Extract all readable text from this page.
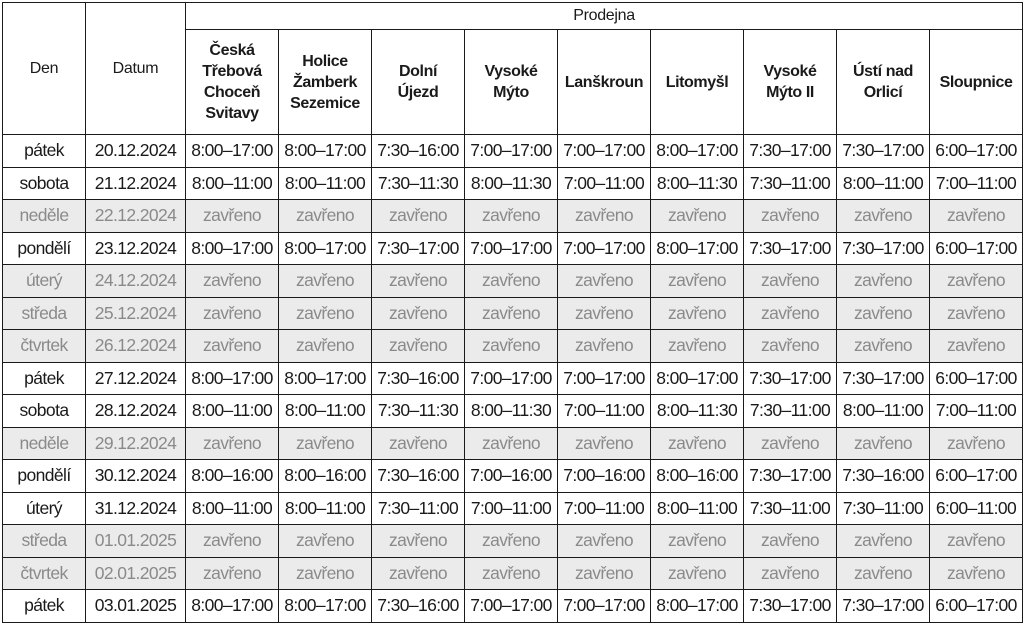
Den	Datum	Prodejna								

		Česká
Třebová
Choceň
Svitavy	Holice
Žamberk
Sezemice	Dolní
Újezd	Vysoké
Mýto	Lanškroun	Litomyšl	Vysoké
Mýto II	Ústí nad
Orlicí	Sloupnice

pátek	20.12.2024	8:00–17:00	8:00–17:00	7:30–16:00	7:00–17:00	7:00–17:00	8:00–17:00	7:30–17:00	7:30–17:00	6:00–17:00
sobota	21.12.2024	8:00–11:00	8:00–11:00	7:30–11:30	8:00–11:30	7:00–11:00	8:00–11:30	7:30–11:00	8:00–11:00	7:00–11:00
neděle	22.12.2024	zavřeno	zavřeno	zavřeno	zavřeno	zavřeno	zavřeno	zavřeno	zavřeno	zavřeno
pondělí	23.12.2024	8:00–17:00	8:00–17:00	7:30–17:00	7:00–17:00	7:00–17:00	8:00–17:00	7:30–17:00	7:30–17:00	6:00–17:00
úterý	24.12.2024	zavřeno	zavřeno	zavřeno	zavřeno	zavřeno	zavřeno	zavřeno	zavřeno	zavřeno
středa	25.12.2024	zavřeno	zavřeno	zavřeno	zavřeno	zavřeno	zavřeno	zavřeno	zavřeno	zavřeno
čtvrtek	26.12.2024	zavřeno	zavřeno	zavřeno	zavřeno	zavřeno	zavřeno	zavřeno	zavřeno	zavřeno
pátek	27.12.2024	8:00–17:00	8:00–17:00	7:30–16:00	7:00–17:00	7:00–17:00	8:00–17:00	7:30–17:00	7:30–17:00	6:00–17:00
sobota	28.12.2024	8:00–11:00	8:00–11:00	7:30–11:30	8:00–11:30	7:00–11:00	8:00–11:30	7:30–11:00	8:00–11:00	7:00–11:00
neděle	29.12.2024	zavřeno	zavřeno	zavřeno	zavřeno	zavřeno	zavřeno	zavřeno	zavřeno	zavřeno
pondělí	30.12.2024	8:00–16:00	8:00–16:00	7:30–16:00	7:00–16:00	7:00–16:00	8:00–16:00	7:30–17:00	7:30–16:00	6:00–17:00
úterý	31.12.2024	8:00–11:00	8:00–11:00	7:30–11:00	7:00–11:00	7:00–11:00	8:00–11:00	7:30–11:00	7:30–11:00	6:00–11:00
středa	01.01.2025	zavřeno	zavřeno	zavřeno	zavřeno	zavřeno	zavřeno	zavřeno	zavřeno	zavřeno
čtvrtek	02.01.2025	zavřeno	zavřeno	zavřeno	zavřeno	zavřeno	zavřeno	zavřeno	zavřeno	zavřeno
pátek	03.01.2025	8:00–17:00	8:00–17:00	7:30–16:00	7:00–17:00	7:00–17:00	8:00–17:00	7:30–17:00	7:30–17:00	6:00–17:00
